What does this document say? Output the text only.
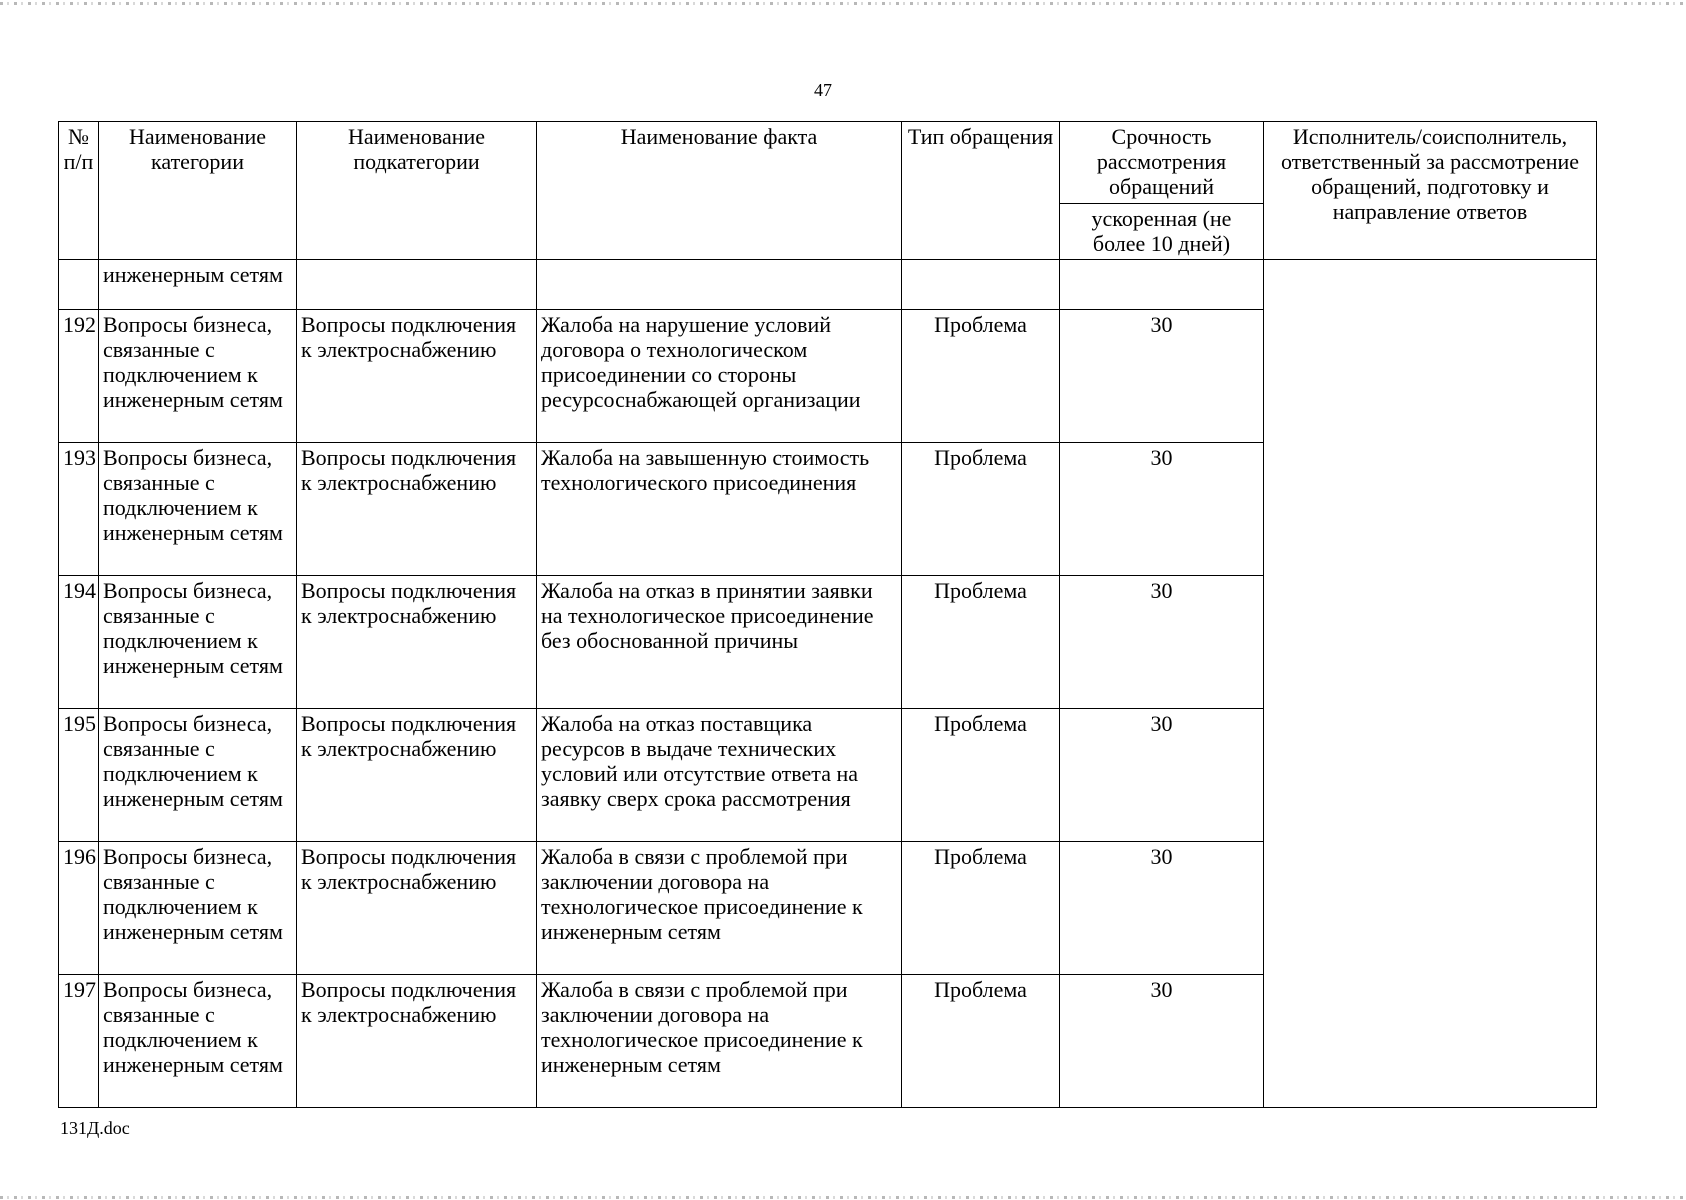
47
№ п/п	Наименование категории	Наименование подкатегории	Наименование факта	Тип обращения	Срочность рассмотрения обращений	Исполнитель/соисполнитель, ответственный за рассмотрение обращений, подготовку и направление ответов
					ускоренная (не более 10 дней)	
	инженерным сетям					
192	Вопросы бизнеса, связанные с подключением к инженерным сетям	Вопросы подключения к электроснабжению	Жалоба на нарушение условий договора о технологическом присоединении со стороны ресурсоснабжающей организации	Проблема	30	
193	Вопросы бизнеса, связанные с подключением к инженерным сетям	Вопросы подключения к электроснабжению	Жалоба на завышенную стоимость технологического присоединения	Проблема	30	
194	Вопросы бизнеса, связанные с подключением к инженерным сетям	Вопросы подключения к электроснабжению	Жалоба на отказ в принятии заявки на технологическое присоединение без обоснованной причины	Проблема	30	
195	Вопросы бизнеса, связанные с подключением к инженерным сетям	Вопросы подключения к электроснабжению	Жалоба на отказ поставщика ресурсов в выдаче технических условий или отсутствие ответа на заявку сверх срока рассмотрения	Проблема	30	
196	Вопросы бизнеса, связанные с подключением к инженерным сетям	Вопросы подключения к электроснабжению	Жалоба в связи с проблемой при заключении договора на технологическое присоединение к инженерным сетям	Проблема	30	
197	Вопросы бизнеса, связанные с подключением к инженерным сетям	Вопросы подключения к электроснабжению	Жалоба в связи с проблемой при заключении договора на технологическое присоединение к инженерным сетям	Проблема	30	
131Д.doc
